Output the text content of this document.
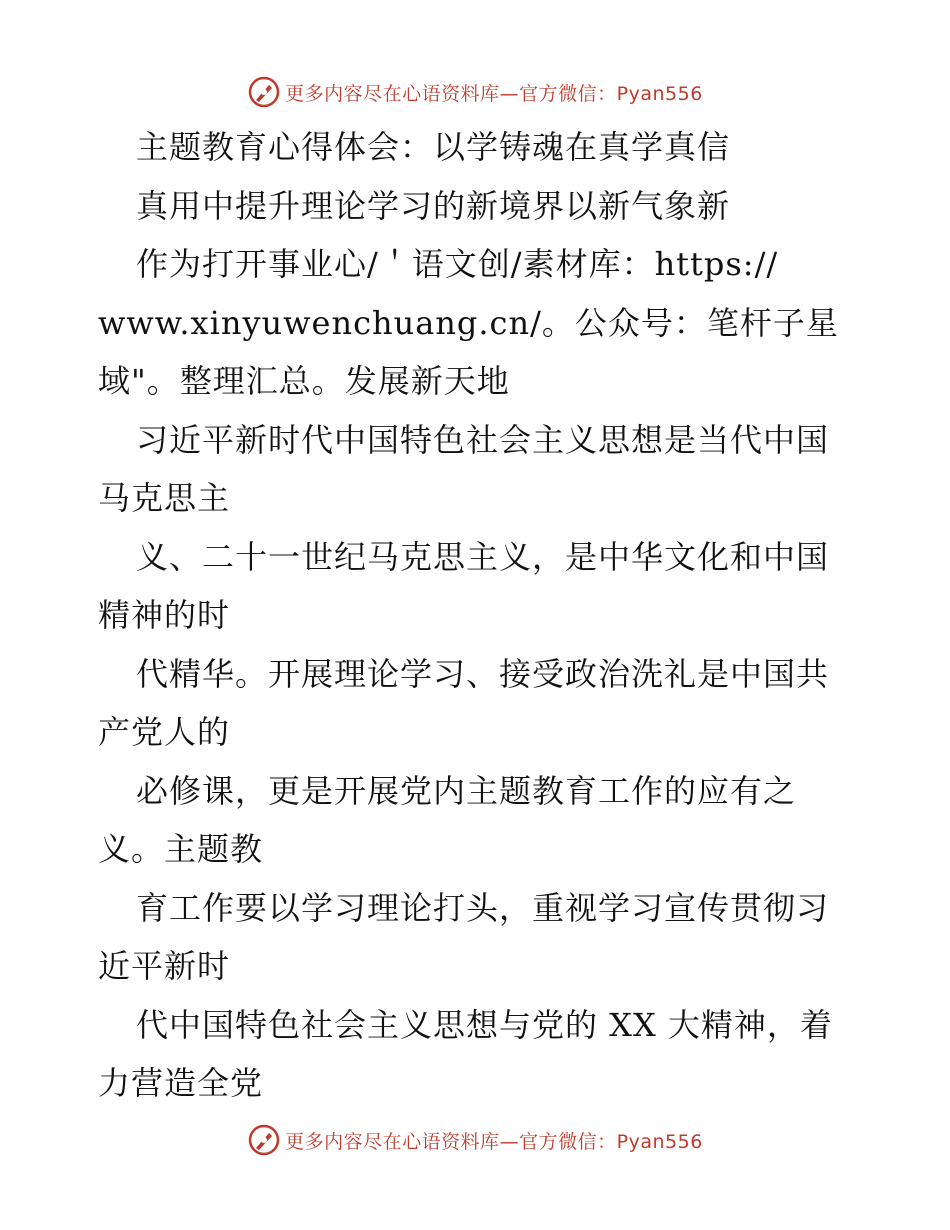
更多内容尽在心语资料库—官方微信：Pyan556
主题教育心得体会：以学铸魂在真学真信
真用中提升理论学习的新境界以新气象新
作为打开事业心/＇语文创/素材库：https://
www.xinyuwenchuang.cn/。公众号：笔杆子星
域"。整理汇总。发展新天地
习近平新时代中国特色社会主义思想是当代中国
马克思主
义、二十一世纪马克思主义，是中华文化和中国
精神的时
代精华。开展理论学习、接受政治洗礼是中国共
产党人的
必修课，更是开展党内主题教育工作的应有之
义。主题教
育工作要以学习理论打头，重视学习宣传贯彻习
近平新时
代中国特色社会主义思想与党的 XX 大精神，着
力营造全党
更多内容尽在心语资料库—官方微信：Pyan556
